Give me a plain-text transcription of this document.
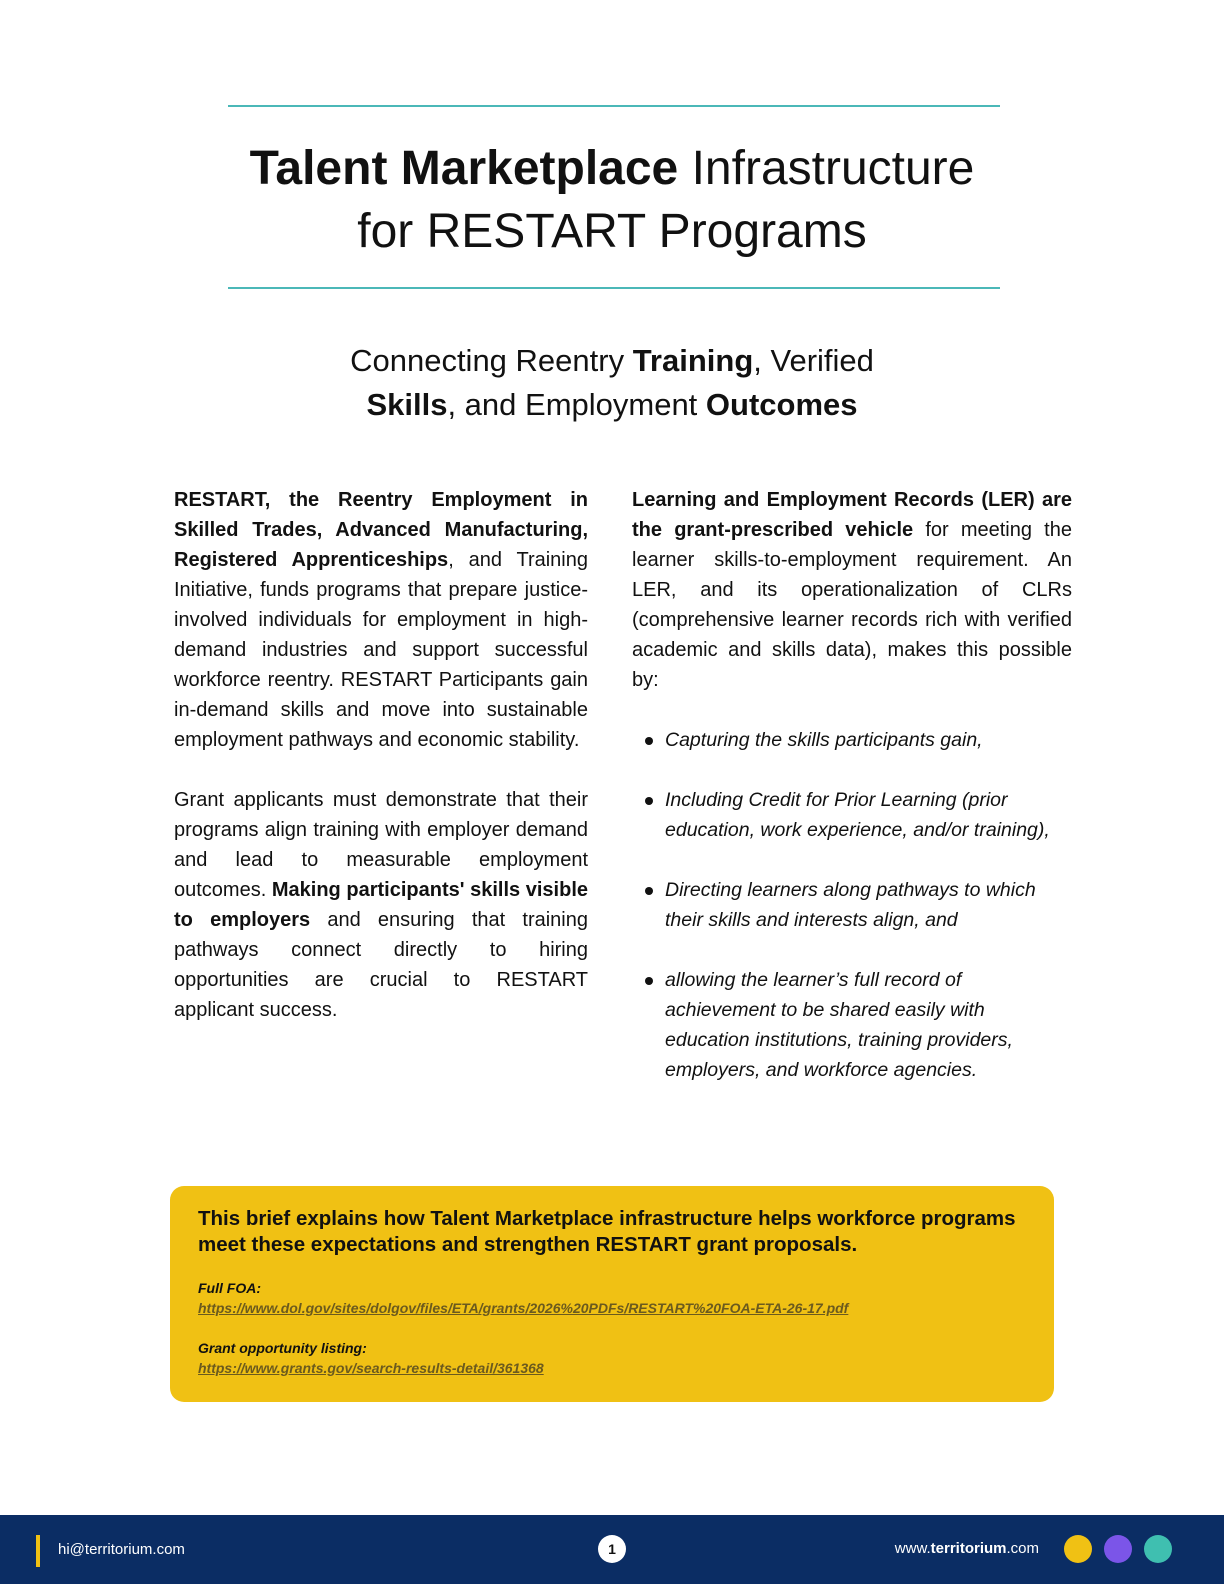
Talent Marketplace Infrastructure
for RESTART Programs
Connecting Reentry Training, Verified
Skills, and Employment Outcomes

RESTART, the Reentry Employment in Skilled Trades, Advanced Manufacturing, Registered Apprenticeships, and Training Initiative, funds programs that prepare justice-involved individuals for employment in high-demand industries and support successful workforce reentry. RESTART Participants gain in-demand skills and move into sustainable employment pathways and economic stability.

Grant applicants must demonstrate that their programs align training with employer demand and lead to measurable employment outcomes. Making participants' skills visible to employers and ensuring that training pathways connect directly to hiring opportunities are crucial to RESTART applicant success.

Learning and Employment Records (LER) are the grant-prescribed vehicle for meeting the learner skills-to-employment requirement. An LER, and its operationalization of CLRs (comprehensive learner records rich with verified academic and skills data), makes this possible by:

Capturing the skills participants gain,
Including Credit for Prior Learning (prior education, work experience, and/or training),
Directing learners along pathways to which their skills and interests align, and
allowing the learner’s full record of achievement to be shared easily with education institutions, training providers, employers, and workforce agencies.

This brief explains how Talent Marketplace infrastructure helps workforce programs meet these expectations and strengthen RESTART grant proposals.

Full FOA:

https://www.dol.gov/sites/dolgov/files/ETA/grants/2026%20PDFs/RESTART%20FOA-ETA-26-17.pdf

Grant opportunity listing:

https://www.grants.gov/search-results-detail/361368
hi@territorium.com	1	www.territorium.com
